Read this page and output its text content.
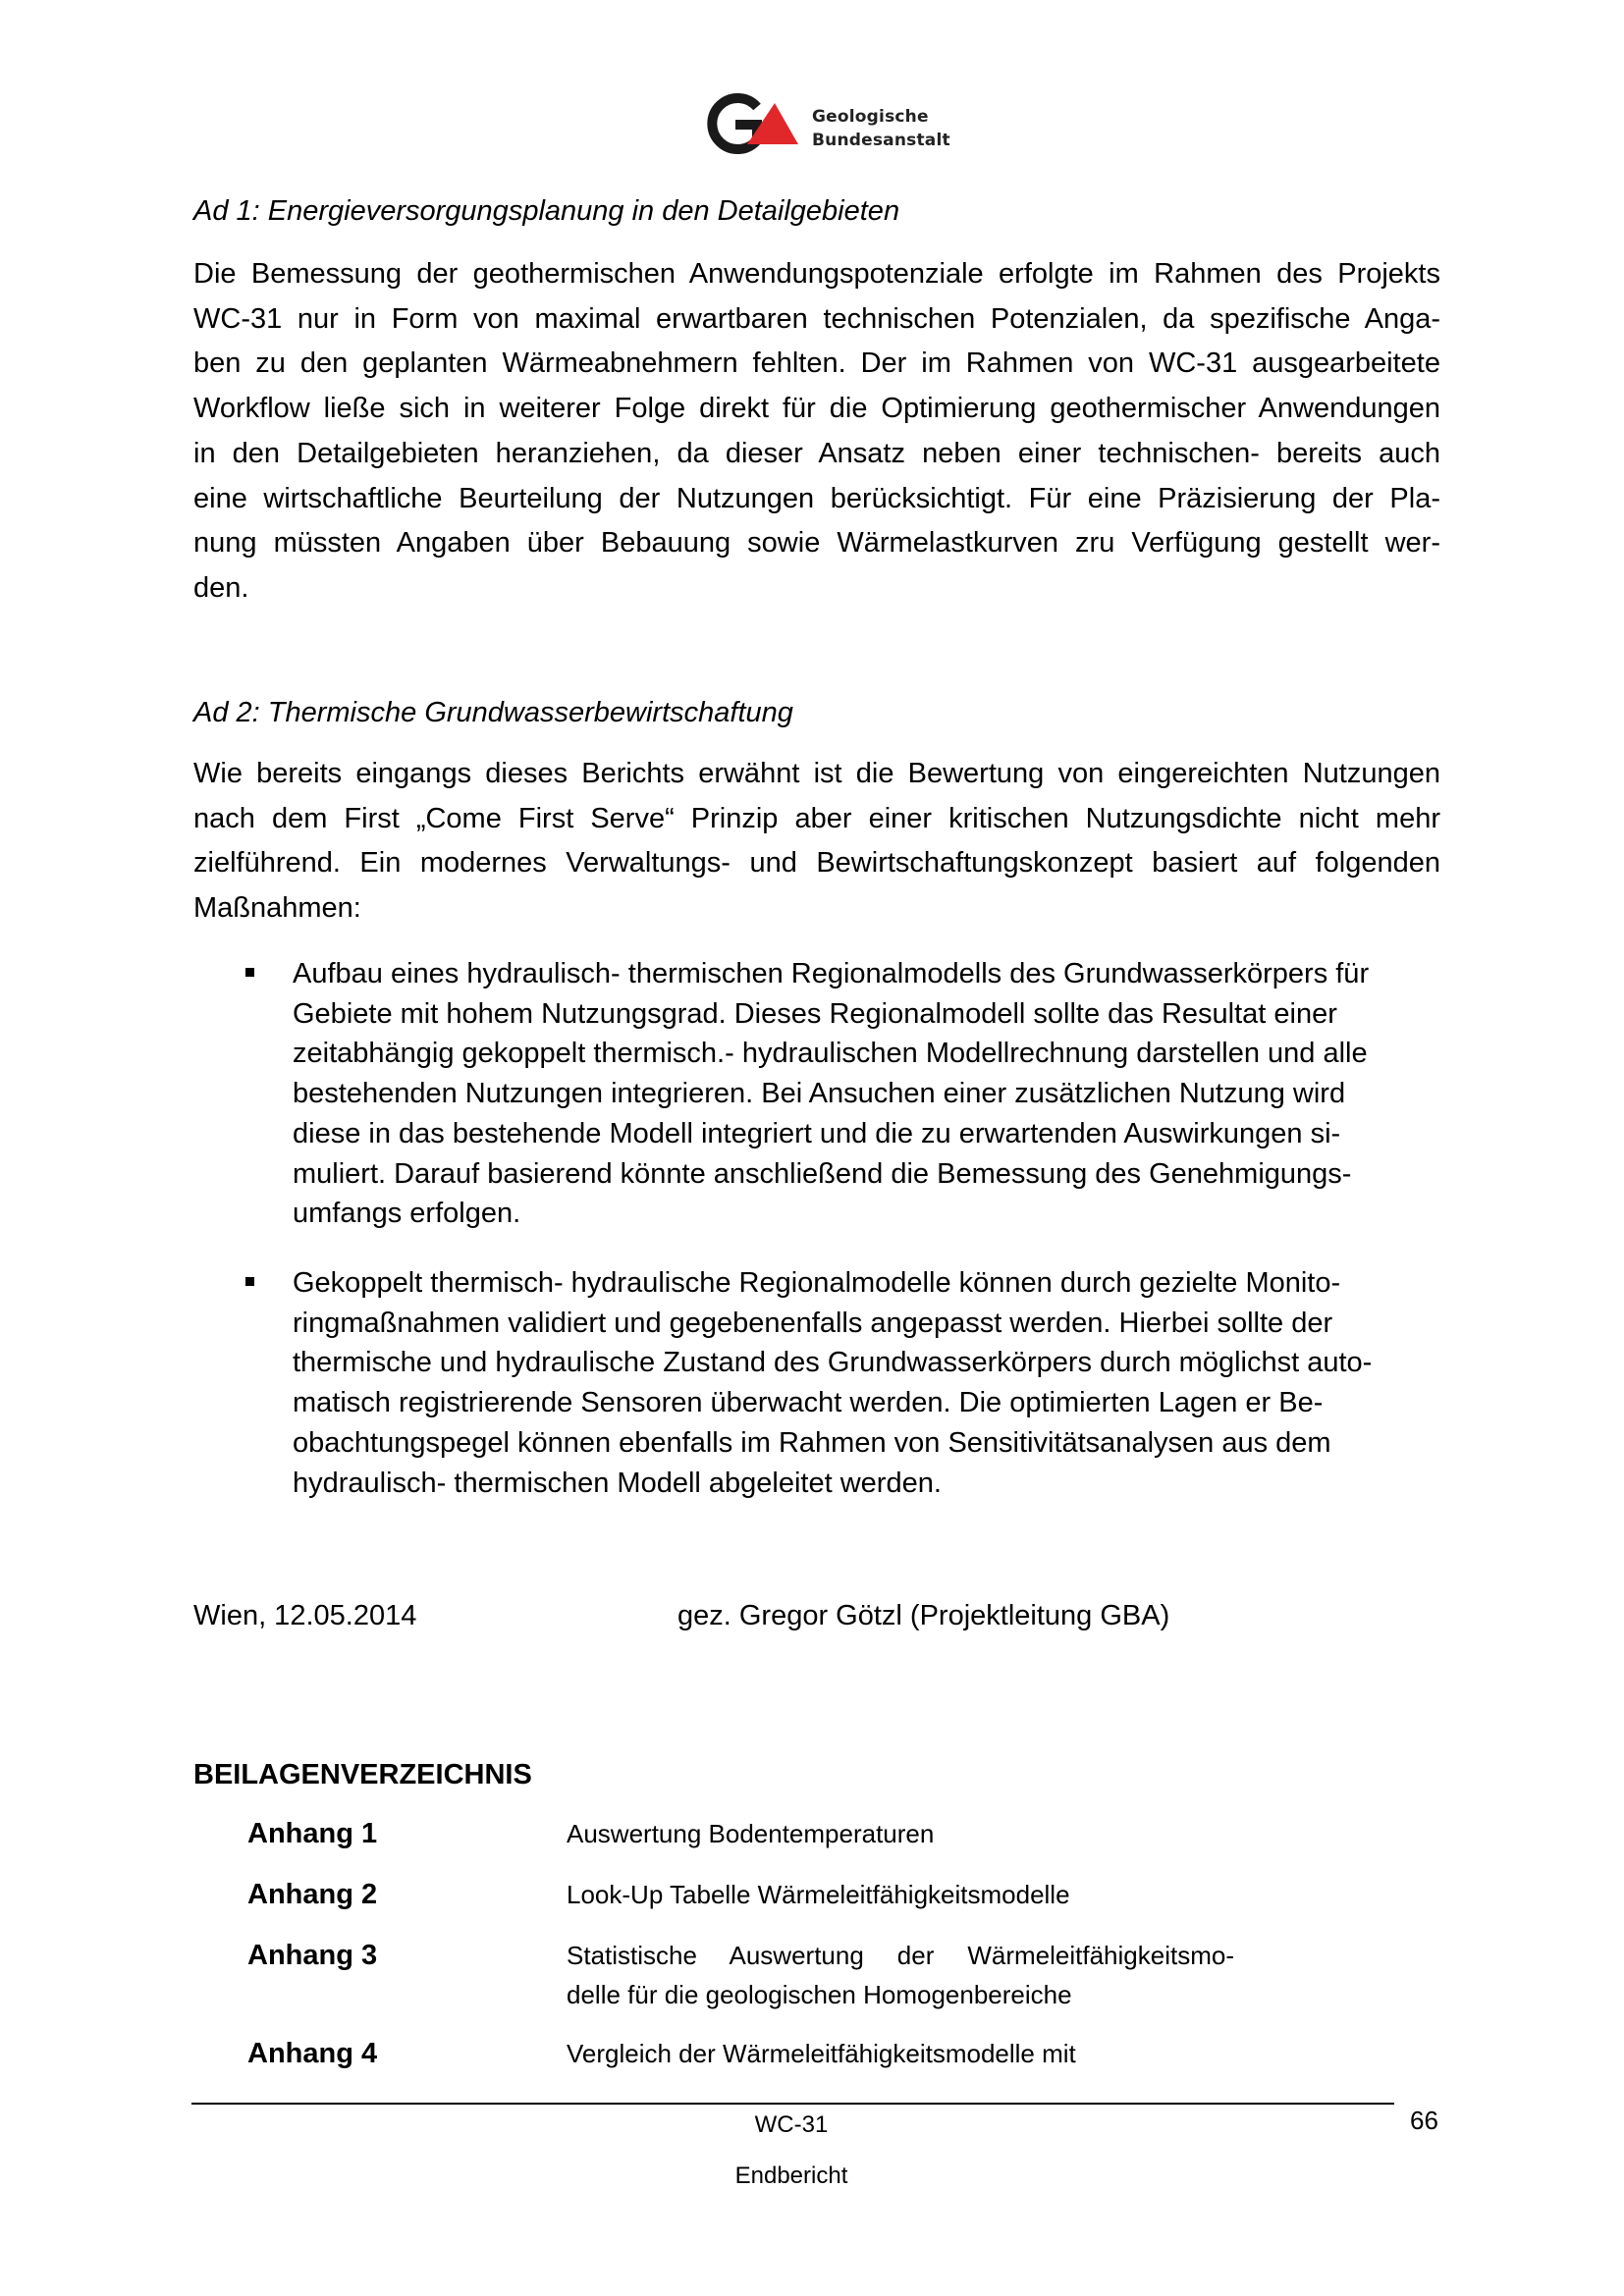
Geologische
Bundesanstalt
Ad 1: Energieversorgungsplanung in den Detailgebieten
Die Bemessung der geothermischen Anwendungspotenziale erfolgte im Rahmen des Projekts
WC-31 nur in Form von maximal erwartbaren technischen Potenzialen, da spezifische Anga-
ben zu den geplanten Wärmeabnehmern fehlten. Der im Rahmen von WC-31 ausgearbeitete
Workflow ließe sich in weiterer Folge direkt für die Optimierung geothermischer Anwendungen
in den Detailgebieten heranziehen, da dieser Ansatz neben einer technischen- bereits auch
eine wirtschaftliche Beurteilung der Nutzungen berücksichtigt. Für eine Präzisierung der Pla-
nung müssten Angaben über Bebauung sowie Wärmelastkurven zru Verfügung gestellt wer-
den.
Ad 2: Thermische Grundwasserbewirtschaftung
Wie bereits eingangs dieses Berichts erwähnt ist die Bewertung von eingereichten Nutzungen
nach dem First „Come First Serve“ Prinzip aber einer kritischen Nutzungsdichte nicht mehr
zielführend. Ein modernes Verwaltungs- und Bewirtschaftungskonzept basiert auf folgenden
Maßnahmen:
Aufbau eines hydraulisch- thermischen Regionalmodells des Grundwasserkörpers für
Gebiete mit hohem Nutzungsgrad. Dieses Regionalmodell sollte das Resultat einer
zeitabhängig gekoppelt thermisch.- hydraulischen Modellrechnung darstellen und alle
bestehenden Nutzungen integrieren. Bei Ansuchen einer zusätzlichen Nutzung wird
diese in das bestehende Modell integriert und die zu erwartenden Auswirkungen si-
muliert. Darauf basierend könnte anschließend die Bemessung des Genehmigungs-
umfangs erfolgen.
Gekoppelt thermisch- hydraulische Regionalmodelle können durch gezielte Monito-
ringmaßnahmen validiert und gegebenenfalls angepasst werden. Hierbei sollte der
thermische und hydraulische Zustand des Grundwasserkörpers durch möglichst auto-
matisch registrierende Sensoren überwacht werden. Die optimierten Lagen er Be-
obachtungspegel können ebenfalls im Rahmen von Sensitivitätsanalysen aus dem
hydraulisch- thermischen Modell abgeleitet werden.
Wien, 12.05.2014	gez. Gregor Götzl (Projektleitung GBA)
BEILAGENVERZEICHNIS
Anhang 1	Auswertung Bodentemperaturen
Anhang 2	Look-Up Tabelle Wärmeleitfähigkeitsmodelle
Anhang 3	Statistische Auswertung der Wärmeleitfähigkeitsmo-
delle für die geologischen Homogenbereiche
Anhang 4	Vergleich der Wärmeleitfähigkeitsmodelle mit
WC-31	66
Endbericht
